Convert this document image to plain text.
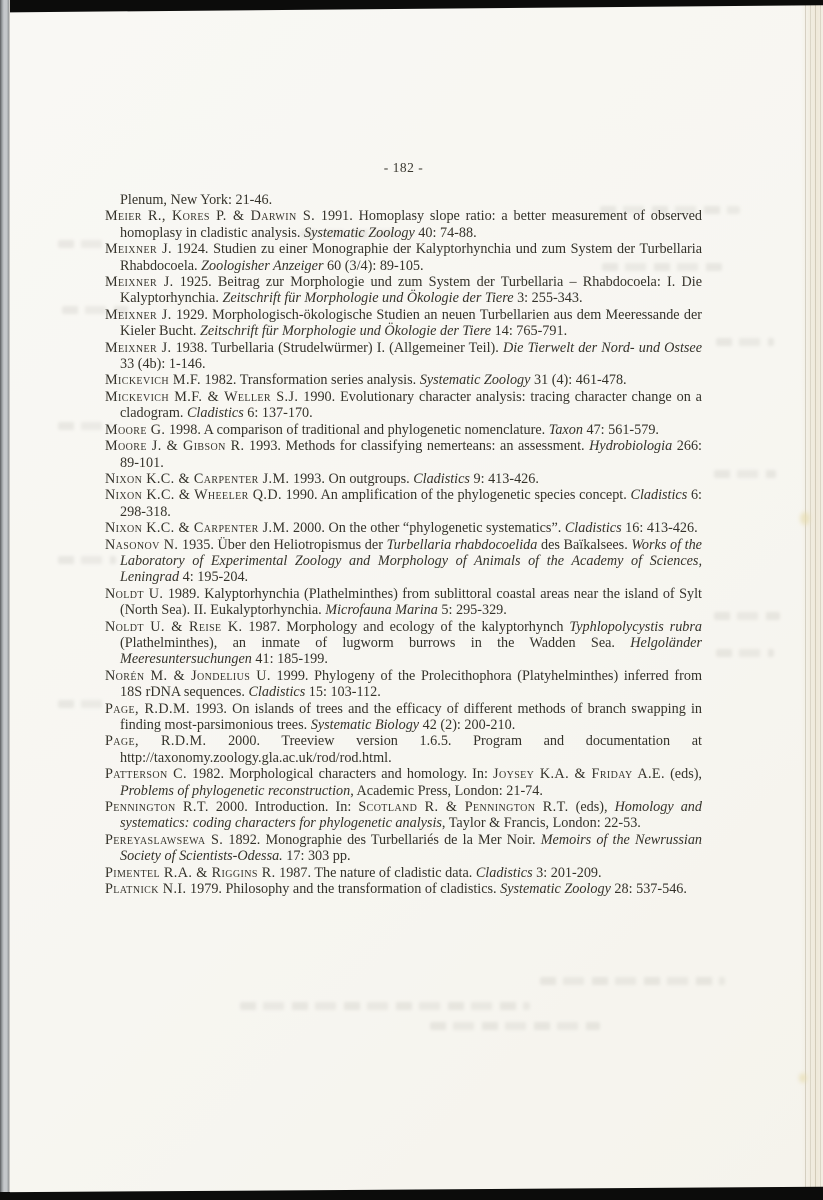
- 182 -

Plenum, New York: 21-46.

Meier R., Kores P. & Darwin S. 1991. Homoplasy slope ratio: a better measurement of observed homoplasy in cladistic analysis. Systematic Zoology 40: 74-88.

Meixner J. 1924. Studien zu einer Monographie der Kalyptorhynchia und zum System der Turbellaria Rhabdocoela. Zoologisher Anzeiger 60 (3/4): 89-105.

Meixner J. 1925. Beitrag zur Morphologie und zum System der Turbellaria – Rhabdocoela: I. Die Kalyptorhynchia. Zeitschrift für Morphologie und Ökologie der Tiere 3: 255-343.

Meixner J. 1929. Morphologisch-ökologische Studien an neuen Turbellarien aus dem Meeressande der Kieler Bucht. Zeitschrift für Morphologie und Ökologie der Tiere 14: 765-791.

Meixner J. 1938. Turbellaria (Strudelwürmer) I. (Allgemeiner Teil). Die Tierwelt der Nord- und Ostsee 33 (4b): 1-146.

Mickevich M.F. 1982. Transformation series analysis. Systematic Zoology 31 (4): 461-478.

Mickevich M.F. & Weller S.J. 1990. Evolutionary character analysis: tracing character change on a cladogram. Cladistics 6: 137-170.

Moore G. 1998. A comparison of traditional and phylogenetic nomenclature. Taxon 47: 561-579.

Moore J. & Gibson R. 1993. Methods for classifying nemerteans: an assessment. Hydrobiologia 266: 89-101.

Nixon K.C. & Carpenter J.M. 1993. On outgroups. Cladistics 9: 413-426.

Nixon K.C. & Wheeler Q.D. 1990. An amplification of the phylogenetic species concept. Cladistics 6: 298-318.

Nixon K.C. & Carpenter J.M. 2000. On the other “phylogenetic systematics”. Cladistics 16: 413-426.

Nasonov N. 1935. Über den Heliotropismus der Turbellaria rhabdocoelida des Baïkalsees. Works of the Laboratory of Experimental Zoology and Morphology of Animals of the Academy of Sciences, Leningrad 4: 195-204.

Noldt U. 1989. Kalyptorhynchia (Plathelminthes) from sublittoral coastal areas near the island of Sylt (North Sea). II. Eukalyptorhynchia. Microfauna Marina 5: 295-329.

Noldt U. & Reise K. 1987. Morphology and ecology of the kalyptorhynch Typhlopolycystis rubra (Plathelminthes), an inmate of lugworm burrows in the Wadden Sea. Helgoländer Meeresuntersuchungen 41: 185-199.

Norén M. & Jondelius U. 1999. Phylogeny of the Prolecithophora (Platyhelminthes) inferred from 18S rDNA sequences. Cladistics 15: 103-112.

Page, R.D.M. 1993. On islands of trees and the efficacy of different methods of branch swapping in finding most-parsimonious trees. Systematic Biology 42 (2): 200-210.

Page, R.D.M. 2000. Treeview version 1.6.5. Program and documentation at http://taxonomy.zoology.gla.ac.uk/rod/rod.html.

Patterson C. 1982. Morphological characters and homology. In: Joysey K.A. & Friday A.E. (eds), Problems of phylogenetic reconstruction, Academic Press, London: 21-74.

Pennington R.T. 2000. Introduction. In: Scotland R. & Pennington R.T. (eds), Homology and systematics: coding characters for phylogenetic analysis, Taylor & Francis, London: 22-53.

Pereyaslawsewa S. 1892. Monographie des Turbellariés de la Mer Noir. Memoirs of the Newrussian Society of Scientists-Odessa. 17: 303 pp.

Pimentel R.A. & Riggins R. 1987. The nature of cladistic data. Cladistics 3: 201-209.

Platnick N.I. 1979. Philosophy and the transformation of cladistics. Systematic Zoology 28: 537-546.
